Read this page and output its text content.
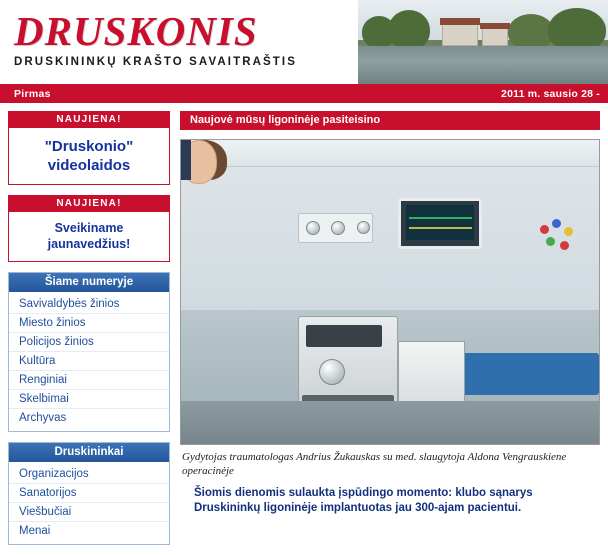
DRUSKONIS
DRUSKININKŲ KRAŠTO SAVAITRAŠTIS
Pirmas	2011 m. sausio 28 -
NAUJIENA!
"Druskonio"
videolaidos
NAUJIENA!
Sveikiname
jaunavedžius!
Šiame numeryje
Savivaldybės žinios
Miesto žinios
Policijos žinios
Kultūra
Renginiai
Skelbimai
Archyvas
Druskininkai
Organizacijos
Sanatorijos
Viešbučiai
Menai
Naujovė mūsų ligoninėje pasiteisino
Gydytojas traumatologas Andrius Žukauskas su med. slaugytoja Aldona Vengrauskiene operacinėje
Šiomis dienomis sulaukta įspūdingo momento: klubo sąnarys Druskininkų ligoninėje implantuotas jau 300-ajam pacientui.
